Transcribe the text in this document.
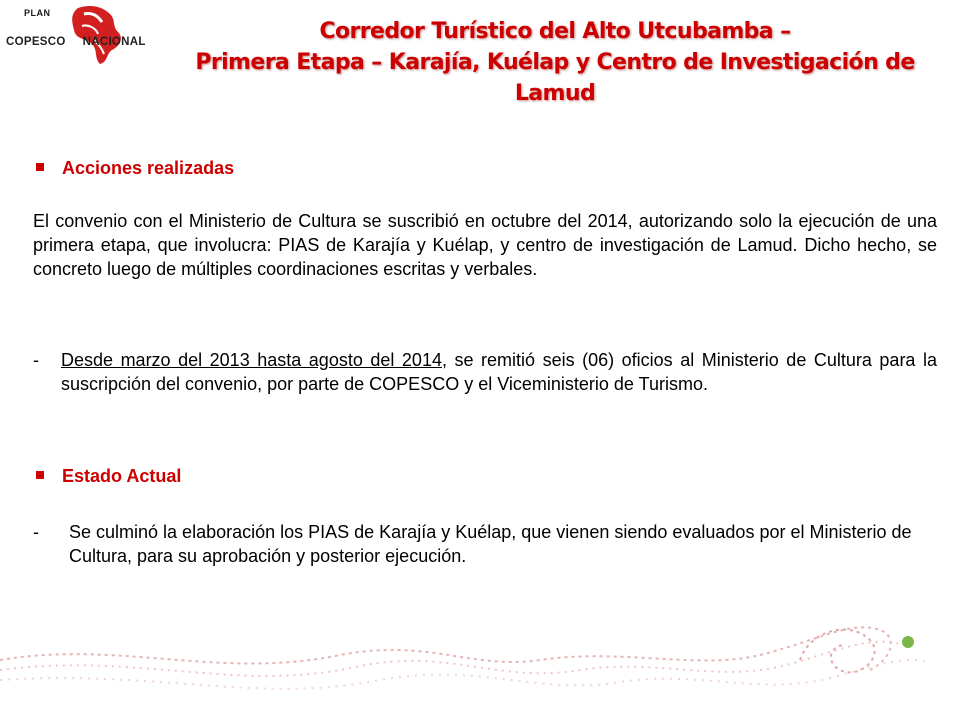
PLAN
COPESCO NACIONAL	Corredor Turístico del Alto Utcubamba –
Primera Etapa – Karajía, Kuélap y Centro de Investigación de
Lamud
Acciones realizadas
El convenio con el Ministerio de Cultura se suscribió en octubre del 2014, autorizando solo la ejecución de una primera etapa, que involucra: PIAS de Karajía y Kuélap, y centro de investigación de Lamud. Dicho hecho, se concreto luego de múltiples coordinaciones escritas y verbales.
- Desde marzo del 2013 hasta agosto del 2014, se remitió seis (06) oficios al Ministerio de Cultura para la suscripción del convenio, por parte de COPESCO y el Viceministerio de Turismo.
Estado Actual
- Se culminó la elaboración los PIAS de Karajía y Kuélap, que vienen siendo evaluados por el Ministerio de Cultura, para su aprobación y posterior ejecución.
